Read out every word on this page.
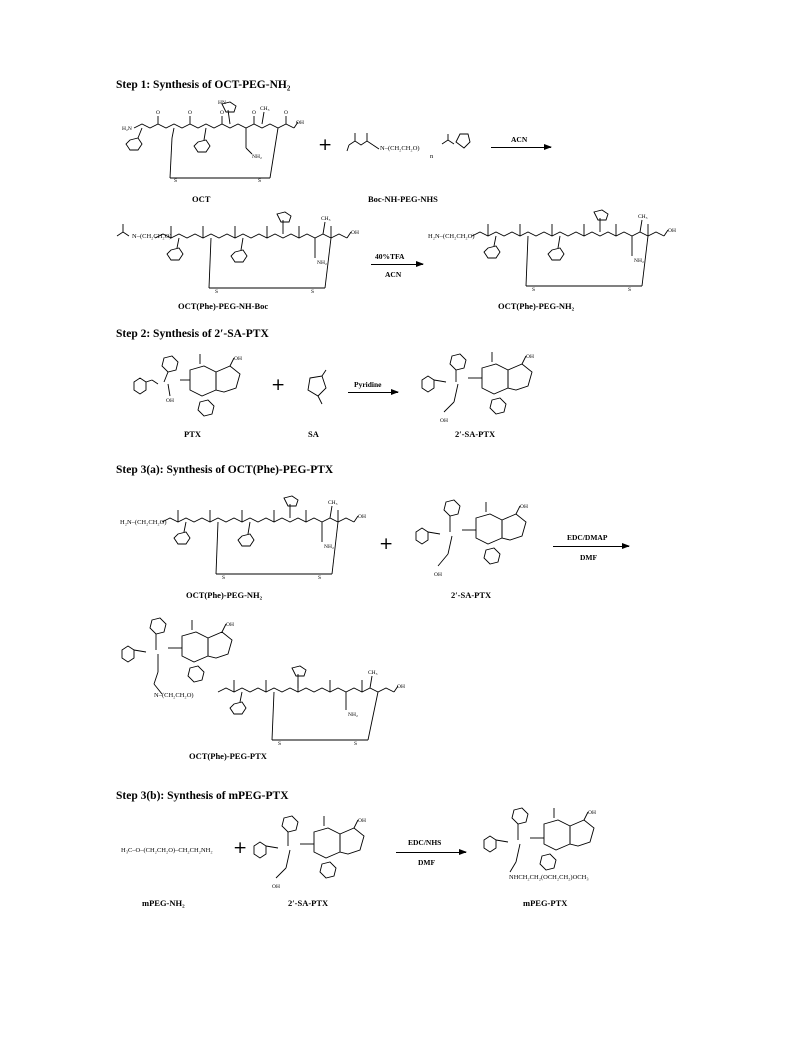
Step 1: Synthesis of OCT-PEG-NH₂
H₂N
O	O	O	O	O
HN
NH₂
CH₃
OH
S	S
OCT
+	N–(CH₂CH₂O)
n
Boc-NH-PEG-NHS
ACN
NH₂
CH₃
OH
S	S
N–(CH₂CH₂O)
OCT(Phe)-PEG-NH-Boc
40%TFA
ACN
NH₂
CH₃
OH
S	S
H₂N–(CH₂CH₂O)
OCT(Phe)-PEG-NH₂
Step 2: Synthesis of 2′-SA-PTX
OH
OH
PTX
+
SA
Pyridine
OH
OH
2′-SA-PTX
Step 3(a): Synthesis of OCT(Phe)-PEG-PTX
NH₂
CH₃
OH
S	S
H₂N–(CH₂CH₂O)
OCT(Phe)-PEG-NH₂
+
OH
OH
2′-SA-PTX
EDC/DMAP
DMF
OH
NH₂
CH₃
OH
S	S
N–(CH₂CH₂O)
OCT(Phe)-PEG-PTX
Step 3(b): Synthesis of mPEG-PTX
H₃C–O–(CH₂CH₂O)–CH₂CH₂NH₂ +
OH
OH
mPEG-NH₂	2′-SA-PTX
EDC/NHS
DMF
OH
NHCH₂CH₂(OCH₂CH₂)OCH₃
mPEG-PTX
